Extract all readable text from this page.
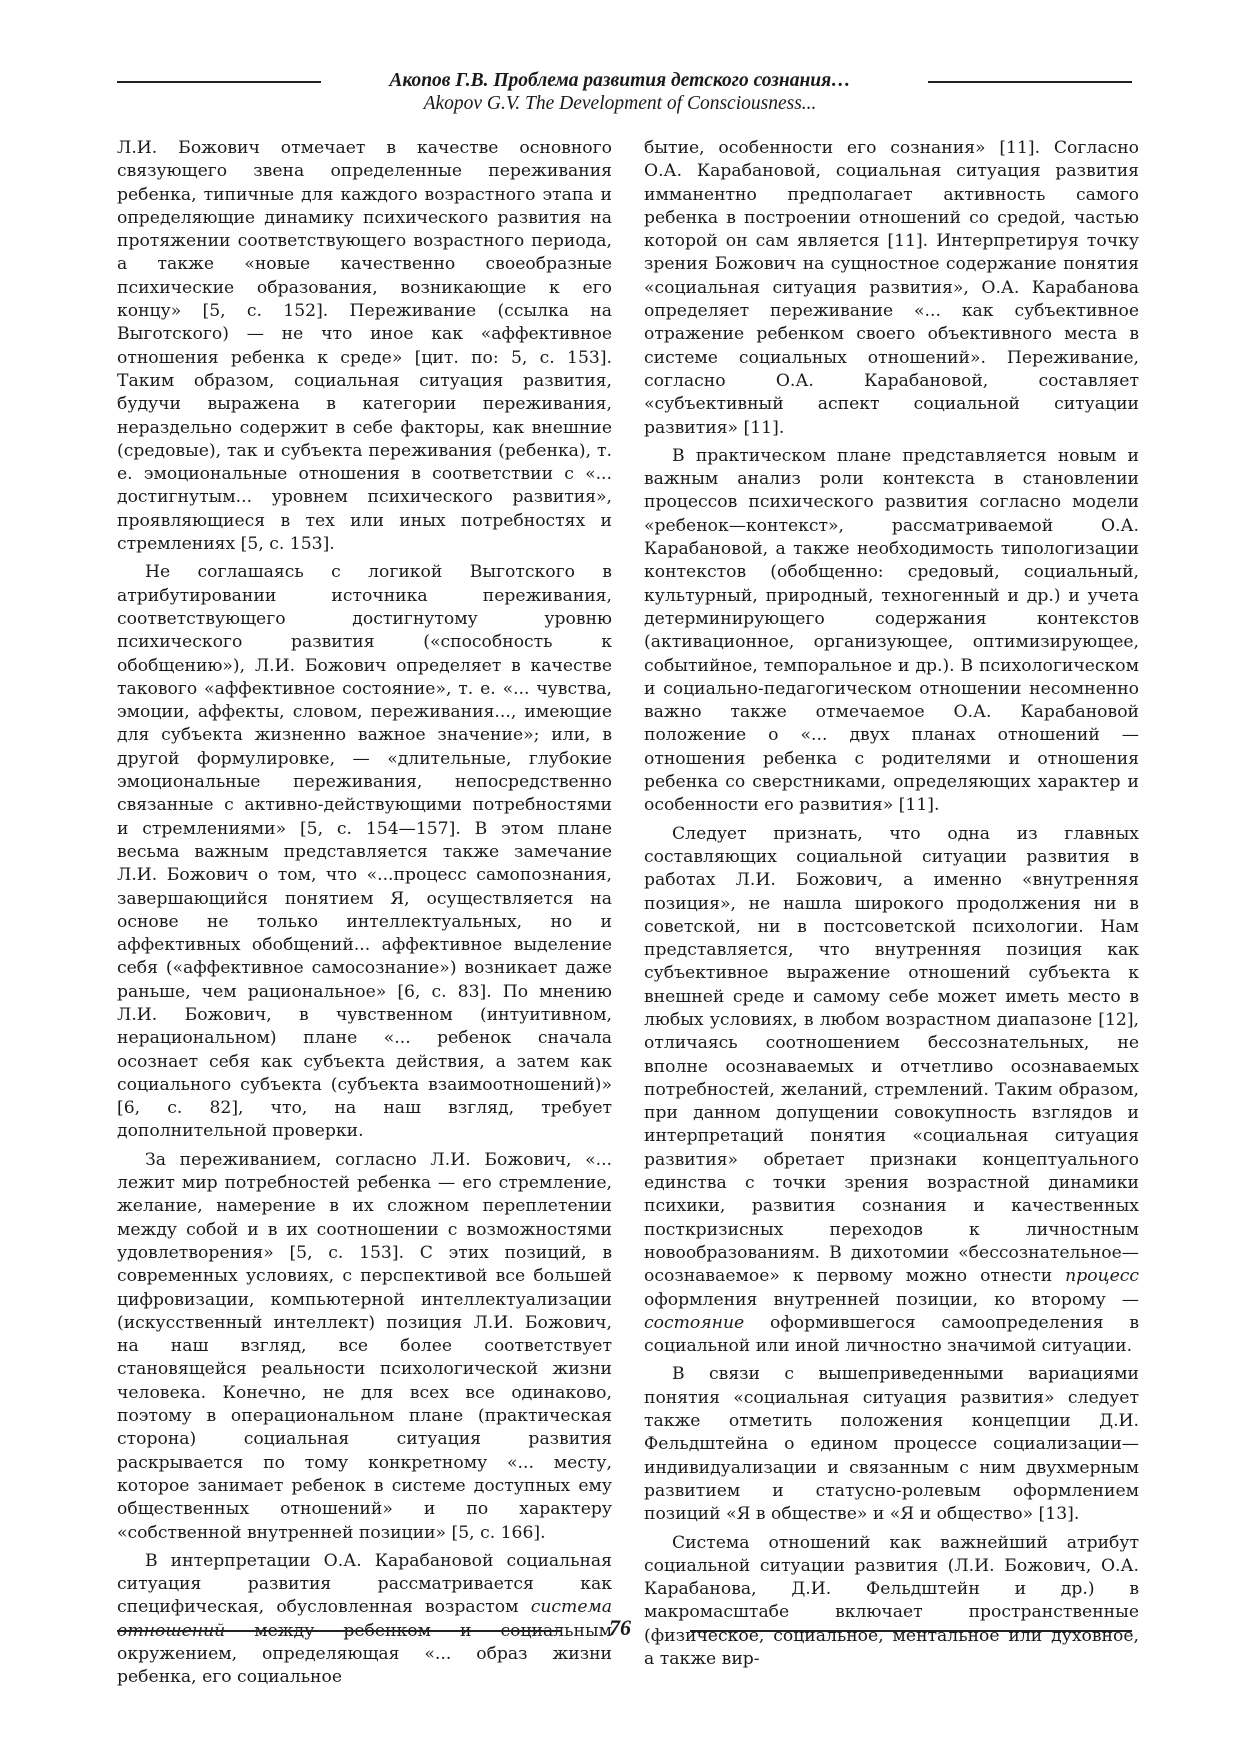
Акопов Г.В. Проблема развития детского сознания…
Akopov G.V. The Development of Consciousness...

Л.И. Божович отмечает в качестве основного связующего звена определенные переживания ребенка, типичные для каждого возрастного этапа и определяющие динамику психического развития на протяжении соответствующего возрастного периода, а также «новые качественно своеобразные психические образования, возникающие к его концу» [5, с. 152]. Переживание (ссылка на Выготского) — не что иное как «аффективное отношения ребенка к среде» [цит. по: 5, с. 153]. Таким образом, социальная ситуация развития, будучи выражена в категории переживания, нераздельно содержит в себе факторы, как внешние (средовые), так и субъекта переживания (ребенка), т. е. эмоциональные отношения в соответствии с «... достигнутым... уровнем психического развития», проявляющиеся в тех или иных потребностях и стремлениях [5, с. 153].

Не соглашаясь с логикой Выготского в атрибутировании источника переживания, соответствующего достигнутому уровню психического развития («способность к обобщению»), Л.И. Божович определяет в качестве такового «аффективное состояние», т. е. «... чувства, эмоции, аффекты, словом, переживания..., имеющие для субъекта жизненно важное значение»; или, в другой формулировке, — «длительные, глубокие эмоциональные переживания, непосредственно связанные с активно-действующими потребностями и стремлениями» [5, с. 154—157]. В этом плане весьма важным представляется также замечание Л.И. Божович о том, что «...процесс самопознания, завершающийся понятием Я, осуществляется на основе не только интеллектуальных, но и аффективных обобщений... аффективное выделение себя («аффективное самосознание») возникает даже раньше, чем рациональное» [6, с. 83]. По мнению Л.И. Божович, в чувственном (интуитивном, нерациональном) плане «... ребенок сначала осознает себя как субъекта действия, а затем как социального субъекта (субъекта взаимоотношений)» [6, с. 82], что, на наш взгляд, требует дополнительной проверки.

За переживанием, согласно Л.И. Божович, «... лежит мир потребностей ребенка — его стремление, желание, намерение в их сложном переплетении между собой и в их соотношении с возможностями удовлетворения» [5, с. 153]. С этих позиций, в современных условиях, с перспективой все большей цифровизации, компьютерной интеллектуализации (искусственный интеллект) позиция Л.И. Божович, на наш взгляд, все более соответствует становящейся реальности психологической жизни человека. Конечно, не для всех все одинаково, поэтому в операциональном плане (практическая сторона) социальная ситуация развития раскрывается по тому конкретному «... месту, которое занимает ребенок в системе доступных ему общественных отношений» и по характеру «собственной внутренней позиции» [5, с. 166].

В интерпретации О.А. Карабановой социальная ситуация развития рассматривается как специфическая, обусловленная возрастом система отношений между ребенком и социальным окружением, определяющая «... образ жизни ребенка, его социальное

бытие, особенности его сознания» [11]. Согласно О.А. Карабановой, социальная ситуация развития имманентно предполагает активность самого ребенка в построении отношений со средой, частью которой он сам является [11]. Интерпретируя точку зрения Божович на сущностное содержание понятия «социальная ситуация развития», О.А. Карабанова определяет переживание «... как субъективное отражение ребенком своего объективного места в системе социальных отношений». Переживание, согласно О.А. Карабановой, составляет «субъективный аспект социальной ситуации развития» [11].

В практическом плане представляется новым и важным анализ роли контекста в становлении процессов психического развития согласно модели «ребенок—контекст», рассматриваемой О.А. Карабановой, а также необходимость типологизации контекстов (обобщенно: средовый, социальный, культурный, природный, техногенный и др.) и учета детерминирующего содержания контекстов (активационное, организующее, оптимизирующее, событийное, темпоральное и др.). В психологическом и социально-педагогическом отношении несомненно важно также отмечаемое О.А. Карабановой положение о «... двух планах отношений — отношения ребенка с родителями и отношения ребенка со сверстниками, определяющих характер и особенности его развития» [11].

Следует признать, что одна из главных составляющих социальной ситуации развития в работах Л.И. Божович, а именно «внутренняя позиция», не нашла широкого продолжения ни в советской, ни в постсоветской психологии. Нам представляется, что внутренняя позиция как субъективное выражение отношений субъекта к внешней среде и самому себе может иметь место в любых условиях, в любом возрастном диапазоне [12], отличаясь соотношением бессознательных, не вполне осознаваемых и отчетливо осознаваемых потребностей, желаний, стремлений. Таким образом, при данном допущении совокупность взглядов и интерпретаций понятия «социальная ситуация развития» обретает признаки концептуального единства с точки зрения возрастной динамики психики, развития сознания и качественных посткризисных переходов к личностным новообразованиям. В дихотомии «бессознательное—осознаваемое» к первому можно отнести процесс оформления внутренней позиции, ко второму — состояние оформившегося самоопределения в социальной или иной личностно значимой ситуации.

В связи с вышеприведенными вариациями понятия «социальная ситуация развития» следует также отметить положения концепции Д.И. Фельдштейна о едином процессе социализации—индивидуализации и связанным с ним двухмерным развитием и статусно-ролевым оформлением позиций «Я в обществе» и «Я и общество» [13].

Система отношений как важнейший атрибут социальной ситуации развития (Л.И. Божович, О.А. Карабанова, Д.И. Фельдштейн и др.) в макромасштабе включает пространственные (физическое, социальное, ментальное или духовное, а также вир-

76
